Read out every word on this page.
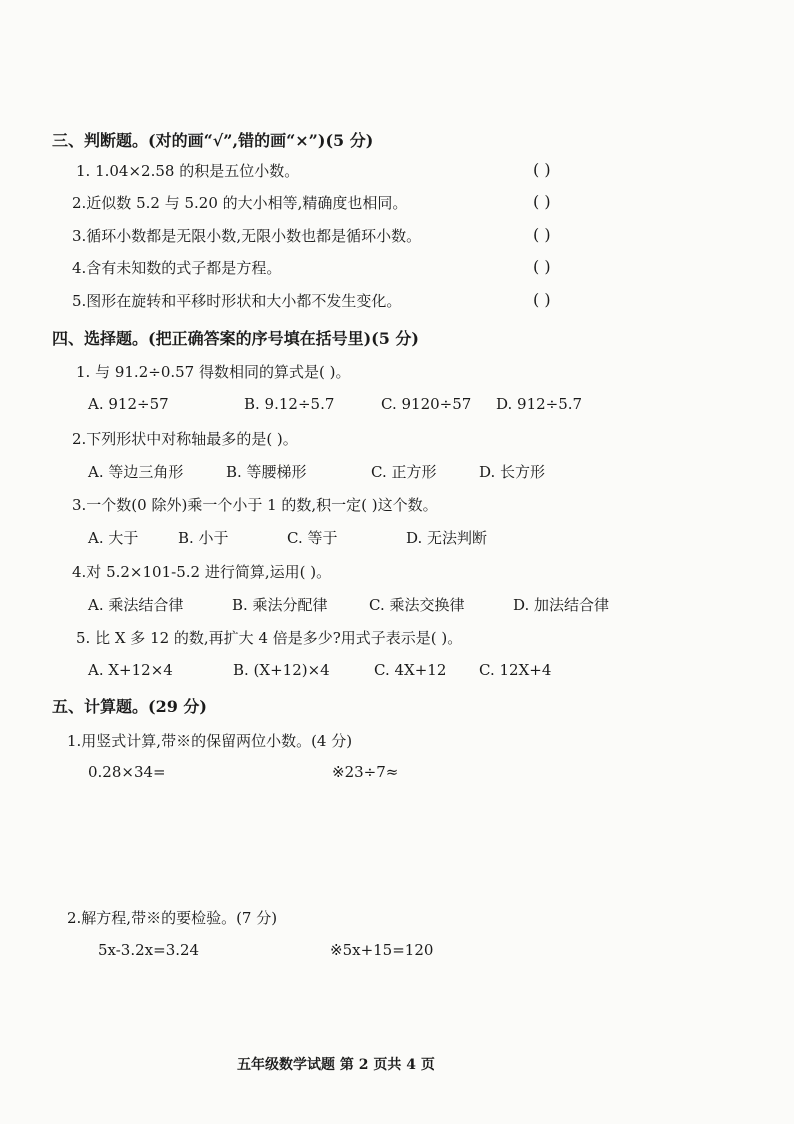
三、判断题。(对的画“√”,错的画“×”)(5 分)
1. 1.04×2.58 的积是五位小数。	( )
2.近似数 5.2 与 5.20 的大小相等,精确度也相同。	( )
3.循环小数都是无限小数,无限小数也都是循环小数。	( )
4.含有未知数的式子都是方程。	( )
5.图形在旋转和平移时形状和大小都不发生变化。	( )
四、选择题。(把正确答案的序号填在括号里)(5 分)
1. 与 91.2÷0.57 得数相同的算式是( )。
A. 912÷57	B. 9.12÷5.7	C. 9120÷57 D. 912÷5.7
2.下列形状中对称轴最多的是( )。
A. 等边三角形	B. 等腰梯形	C. 正方形	D. 长方形
3.一个数(0 除外)乘一个小于 1 的数,积一定( )这个数。
A. 大于	B. 小于	C. 等于	D. 无法判断
4.对 5.2×101-5.2 进行简算,运用( )。
A. 乘法结合律	B. 乘法分配律	C. 乘法交换律	D. 加法结合律
5. 比 X 多 12 的数,再扩大 4 倍是多少?用式子表示是( )。
A. X+12×4	B. (X+12)×4	C. 4X+12 C. 12X+4
五、计算题。(29 分)
1.用竖式计算,带※的保留两位小数。(4 分)
0.28×34=	※23÷7≈
2.解方程,带※的要检验。(7 分)
5x-3.2x=3.24	※5x+15=120
五年级数学试题 第 2 页共 4 页
